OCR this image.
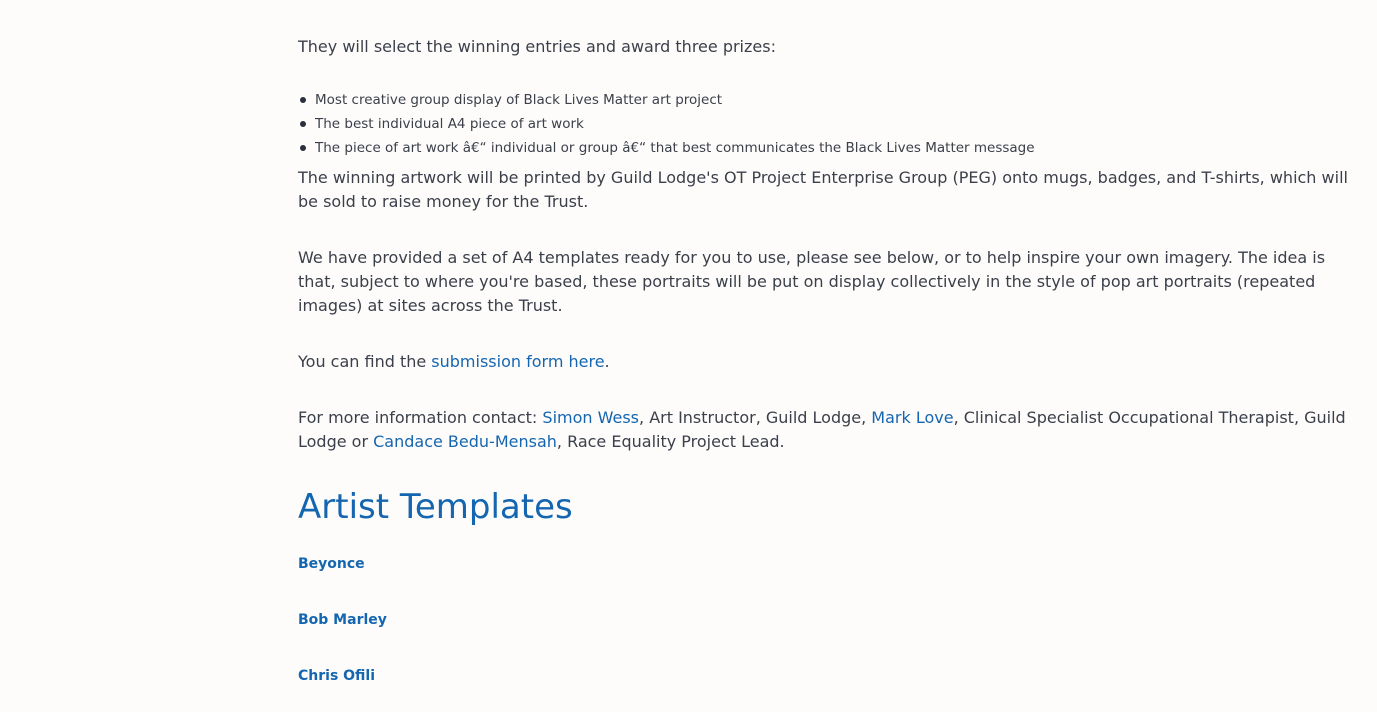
They will select the winning entries and award three prizes:

Most creative group display of Black Lives Matter art project
The best individual A4 piece of art work
The piece of art work â€“ individual or group â€“ that best communicates the Black Lives Matter message

The winning artwork will be printed by Guild Lodge's OT Project Enterprise Group (PEG) onto mugs, badges, and T-shirts, which will be sold to raise money for the Trust.

We have provided a set of A4 templates ready for you to use, please see below, or to help inspire your own imagery. The idea is that, subject to where you're based, these portraits will be put on display collectively in the style of pop art portraits (repeated images) at sites across the Trust.

You can find the submission form here.

For more information contact: Simon Wess, Art Instructor, Guild Lodge, Mark Love, Clinical Specialist Occupational Therapist, Guild Lodge or Candace Bedu-Mensah, Race Equality Project Lead.

Artist Templates
Beyonce
Bob Marley
Chris Ofili
